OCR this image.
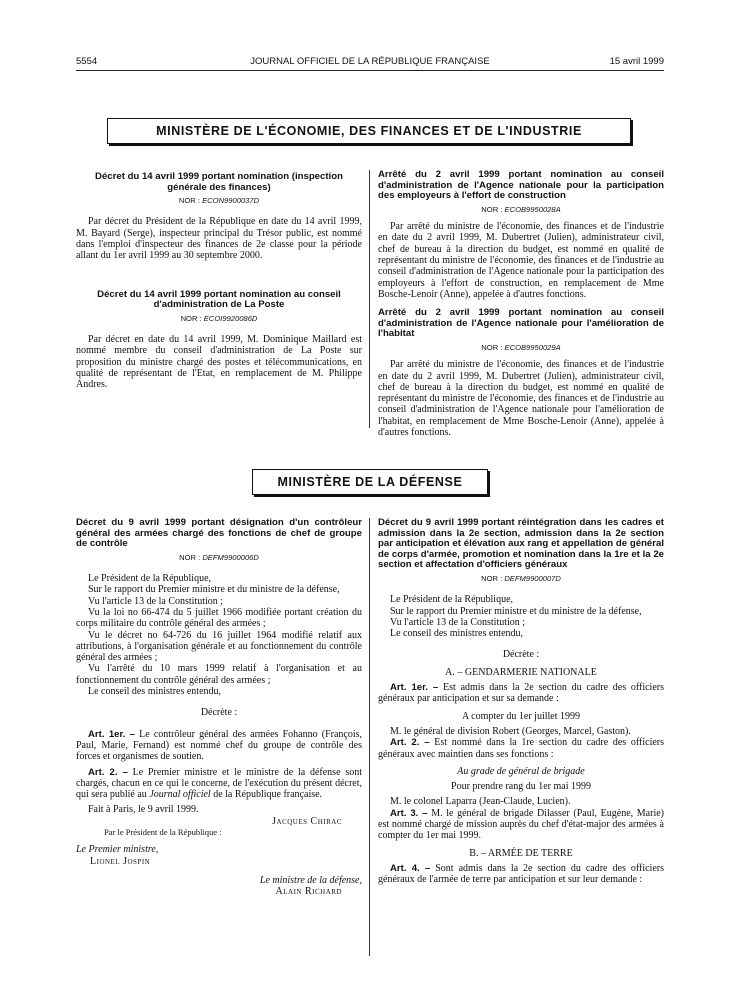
5554	JOURNAL OFFICIEL DE LA RÉPUBLIQUE FRANÇAISE	15 avril 1999
MINISTÈRE DE L'ÉCONOMIE, DES FINANCES ET DE L'INDUSTRIE
Décret du 14 avril 1999 portant nomination (inspection générale des finances)
NOR : ECON9900037D

Par décret du Président de la République en date du 14 avril 1999, M. Bayard (Serge), inspecteur principal du Trésor public, est nommé dans l'emploi d'inspecteur des finances de 2e classe pour la période allant du 1er avril 1999 au 30 septembre 2000.

Décret du 14 avril 1999 portant nomination au conseil d'administration de La Poste
NOR : ECOI9920086D

Par décret en date du 14 avril 1999, M. Dominique Maillard est nommé membre du conseil d'administration de La Poste sur proposition du ministre chargé des postes et télécommunications, en qualité de représentant de l'Etat, en remplacement de M. Philippe Andres.

Arrêté du 2 avril 1999 portant nomination au conseil d'administration de l'Agence nationale pour la participation des employeurs à l'effort de construction
NOR : ECOB9950028A

Par arrêté du ministre de l'économie, des finances et de l'industrie en date du 2 avril 1999, M. Dubertret (Julien), administrateur civil, chef de bureau à la direction du budget, est nommé en qualité de représentant du ministre de l'économie, des finances et de l'industrie au conseil d'administration de l'Agence nationale pour la participation des employeurs à l'effort de construction, en remplacement de Mme Bosche-Lenoir (Anne), appelée à d'autres fonctions.

Arrêté du 2 avril 1999 portant nomination au conseil d'administration de l'Agence nationale pour l'amélioration de l'habitat
NOR : ECOB9950029A

Par arrêté du ministre de l'économie, des finances et de l'industrie en date du 2 avril 1999, M. Dubertret (Julien), administrateur civil, chef de bureau à la direction du budget, est nommé en qualité de représentant du ministre de l'économie, des finances et de l'industrie au conseil d'administration de l'Agence nationale pour l'amélioration de l'habitat, en remplacement de Mme Bosche-Lenoir (Anne), appelée à d'autres fonctions.

MINISTÈRE DE LA DÉFENSE
Décret du 9 avril 1999 portant désignation d'un contrôleur général des armées chargé des fonctions de chef de groupe de contrôle
NOR : DEFM9900006D

Le Président de la République,

Sur le rapport du Premier ministre et du ministre de la défense,

Vu l'article 13 de la Constitution ;

Vu la loi no 66-474 du 5 juillet 1966 modifiée portant création du corps militaire du contrôle général des armées ;

Vu le décret no 64-726 du 16 juillet 1964 modifié relatif aux attributions, à l'organisation générale et au fonctionnement du contrôle général des armées ;

Vu l'arrêté du 10 mars 1999 relatif à l'organisation et au fonctionnement du contrôle général des armées ;

Le conseil des ministres entendu,

Décrète :

Art. 1er. – Le contrôleur général des armées Fohanno (François, Paul, Marie, Fernand) est nommé chef du groupe de contrôle des forces et organismes de soutien.

Art. 2. – Le Premier ministre et le ministre de la défense sont chargés, chacun en ce qui le concerne, de l'exécution du présent décret, qui sera publié au Journal officiel de la République française.

Fait à Paris, le 9 avril 1999.

Jacques Chirac

Par le Président de la République :

Le Premier ministre,

Lionel Jospin

Le ministre de la défense,

Alain Richard

Décret du 9 avril 1999 portant réintégration dans les cadres et admission dans la 2e section, admission dans la 2e section par anticipation et élévation aux rang et appellation de général de corps d'armée, promotion et nomination dans la 1re et la 2e section et affectation d'officiers généraux
NOR : DEFM9900007D

Le Président de la République,

Sur le rapport du Premier ministre et du ministre de la défense,

Vu l'article 13 de la Constitution ;

Le conseil des ministres entendu,

Décrète :

A. – GENDARMERIE NATIONALE

Art. 1er. – Est admis dans la 2e section du cadre des officiers généraux par anticipation et sur sa demande :

A compter du 1er juillet 1999

M. le général de division Robert (Georges, Marcel, Gaston).

Art. 2. – Est nommé dans la 1re section du cadre des officiers généraux avec maintien dans ses fonctions :

Au grade de général de brigade

Pour prendre rang du 1er mai 1999

M. le colonel Laparra (Jean-Claude, Lucien).

Art. 3. – M. le général de brigade Dilasser (Paul, Eugène, Marie) est nommé chargé de mission auprès du chef d'état-major des armées à compter du 1er mai 1999.

B. – ARMÉE DE TERRE

Art. 4. – Sont admis dans la 2e section du cadre des officiers généraux de l'armée de terre par anticipation et sur leur demande :
